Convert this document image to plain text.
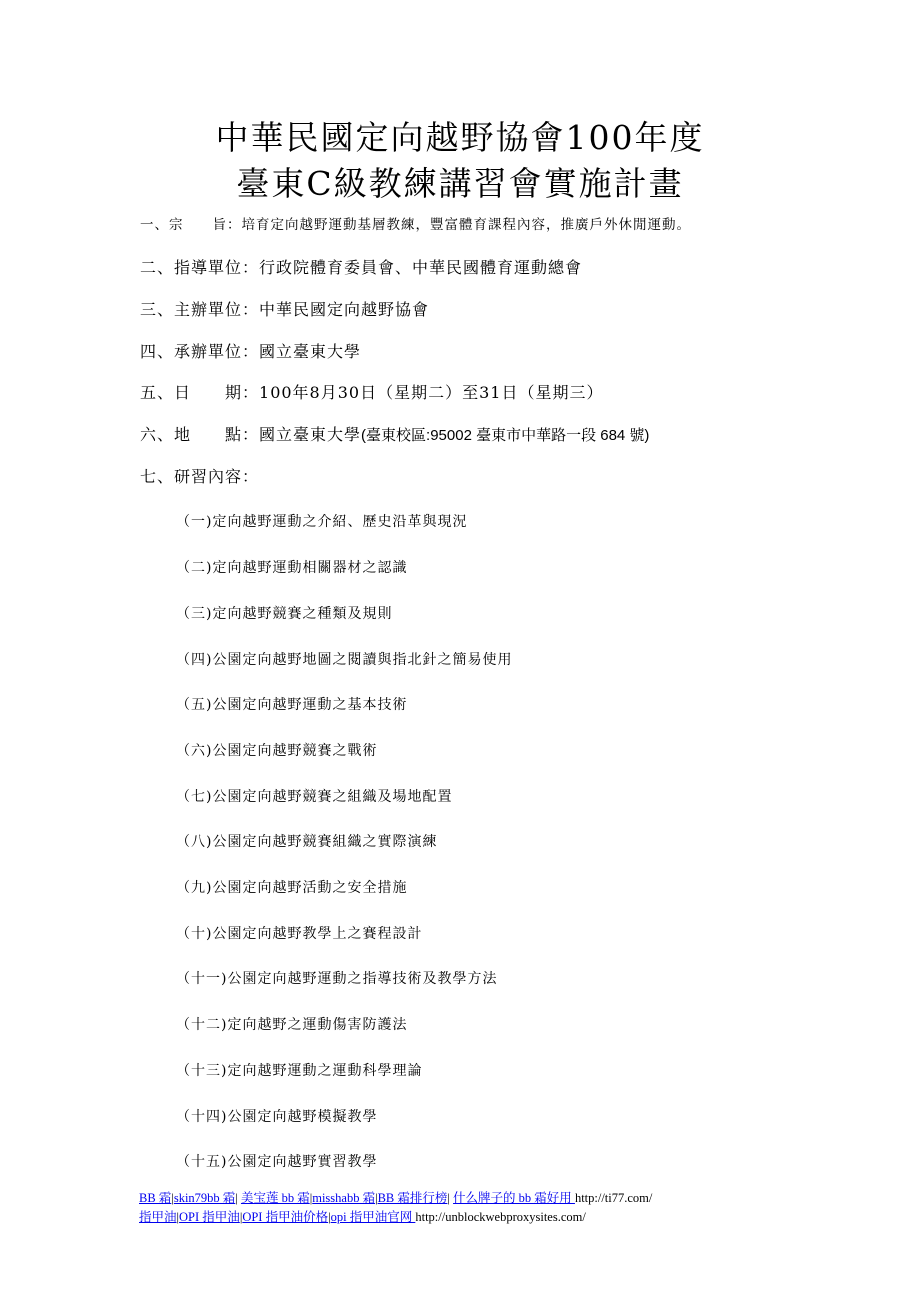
中華民國定向越野協會100年度
臺東C級教練講習會實施計畫
一、宗　　旨：培育定向越野運動基層教練，豐富體育課程內容，推廣戶外休閒運動。
二、指導單位：行政院體育委員會、中華民國體育運動總會
三、主辦單位：中華民國定向越野協會
四、承辦單位：國立臺東大學
五、日　　期：100年8月30日（星期二）至31日（星期三）
六、地　　點：國立臺東大學(臺東校區:95002 臺東市中華路一段 684 號)
七、研習內容：
（一)定向越野運動之介紹、歷史沿革與現況
（二)定向越野運動相關器材之認識
（三)定向越野競賽之種類及規則
（四)公園定向越野地圖之閱讀與指北針之簡易使用
（五)公園定向越野運動之基本技術
（六)公園定向越野競賽之戰術
（七)公園定向越野競賽之組織及場地配置
（八)公園定向越野競賽組織之實際演練
（九)公園定向越野活動之安全措施
（十)公園定向越野教學上之賽程設計
（十一)公園定向越野運動之指導技術及教學方法
（十二)定向越野之運動傷害防護法
（十三)定向越野運動之運動科學理論
（十四)公園定向越野模擬教學
（十五)公園定向越野實習教學
BB 霜|skin79bb 霜| 美宝莲 bb 霜|misshabb 霜|BB 霜排行榜| 什么牌子的 bb 霜好用 http://ti77.com/
指甲油|OPI 指甲油|OPI 指甲油价格|opi 指甲油官网 http://unblockwebproxysites.com/
